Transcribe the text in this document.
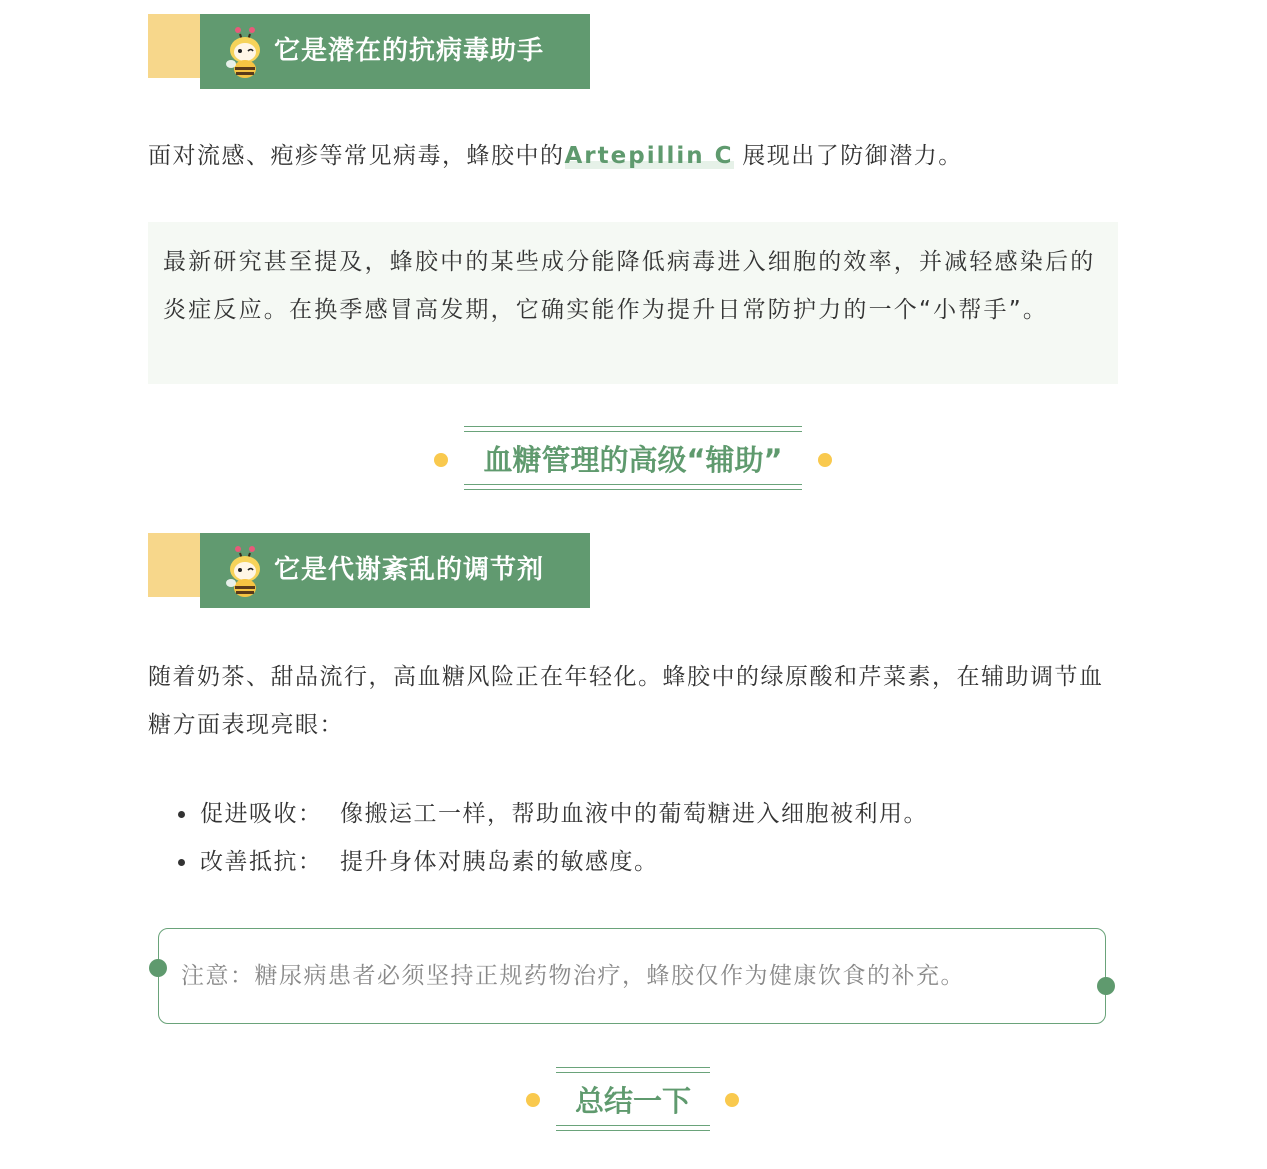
它是潜在的抗病毒助手
面对流感、疱疹等常见病毒，蜂胶中的Artepillin C 展现出了防御潜力。
最新研究甚至提及，蜂胶中的某些成分能降低病毒进入细胞的效率，并减轻感染后的炎症反应。在换季感冒高发期，它确实能作为提升日常防护力的一个“小帮手”。
血糖管理的高级“辅助”
它是代谢紊乱的调节剂
随着奶茶、甜品流行，高血糖风险正在年轻化。蜂胶中的绿原酸和芹菜素，在辅助调节血糖方面表现亮眼：
促进吸收： 像搬运工一样，帮助血液中的葡萄糖进入细胞被利用。
改善抵抗： 提升身体对胰岛素的敏感度。
注意：糖尿病患者必须坚持正规药物治疗，蜂胶仅作为健康饮食的补充。
总结一下
